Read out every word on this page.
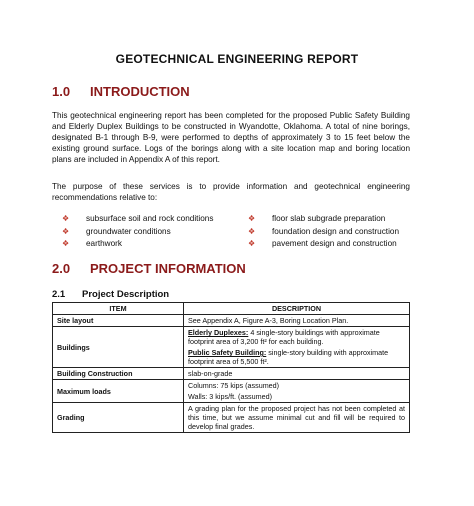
GEOTECHNICAL ENGINEERING REPORT
1.0 INTRODUCTION
This geotechnical engineering report has been completed for the proposed Public Safety Building and Elderly Duplex Buildings to be constructed in Wyandotte, Oklahoma. A total of nine borings, designated B-1 through B-9, were performed to depths of approximately 3 to 15 feet below the existing ground surface. Logs of the borings along with a site location map and boring location plans are included in Appendix A of this report.
The purpose of these services is to provide information and geotechnical engineering recommendations relative to:
❖	subsurface soil and rock conditions	❖	floor slab subgrade preparation
❖	groundwater conditions	❖	foundation design and construction
❖	earthwork	❖	pavement design and construction
2.0 PROJECT INFORMATION
2.1 Project Description
ITEM	DESCRIPTION
Site layout	See Appendix A, Figure A-3, Boring Location Plan.
Buildings	Elderly Duplexes: 4 single-story buildings with approximate footprint area of 3,200 ft² for each building.
Public Safety Building: single-story building with approximate footprint area of 5,500 ft².

Building Construction	slab-on-grade
Maximum loads	Columns: 75 kips (assumed)
Walls: 3 kips/ft. (assumed)

Grading	A grading plan for the proposed project has not been completed at this time, but we assume minimal cut and fill will be required to develop final grades.
